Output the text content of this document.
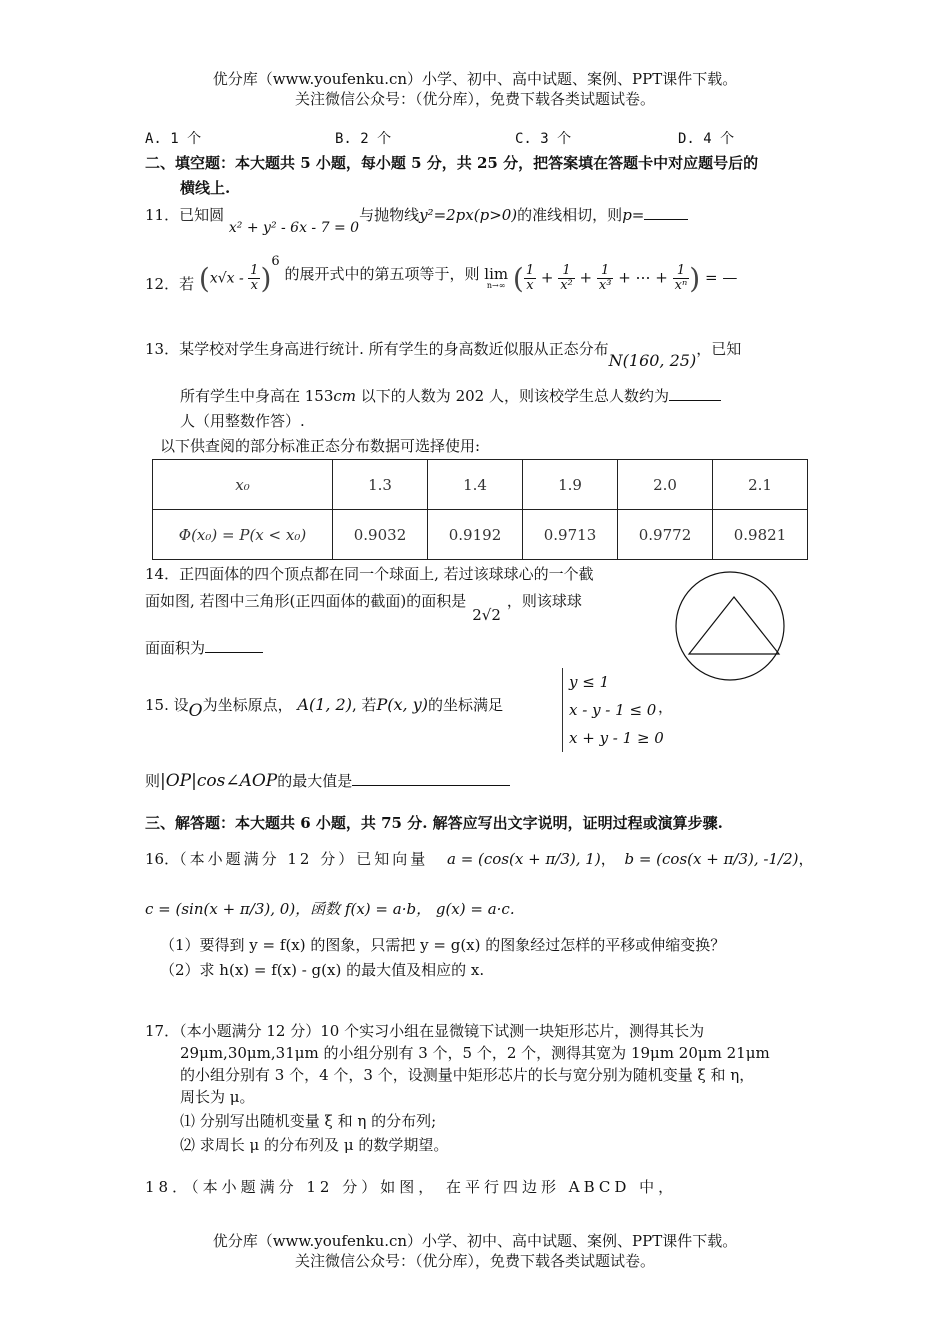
优分库（www.youfenku.cn）小学、初中、高中试题、案例、PPT课件下载。
关注微信公众号：（优分库），免费下载各类试题试卷。
A. 1 个	B. 2 个	C. 3 个	D. 4 个
二、填空题：本大题共 5 小题，每小题 5 分，共 25 分，把答案填在答题卡中对应题号后的
横线上.
11．已知圆 x² + y² - 6x - 7 = 0与抛物线y²=2px(p>0)的准线相切，则p=
12．若 $(x√x - \frac{1}{x} )^6$ 的展开式中的第五项等于，则 lim
n→∞ ( $\frac{1}{x} + \frac{1}{\text{x²}} + \frac{1}{\text{x³}}$ + ⋯ + $\frac{1}{\text{xⁿ}}$ ) = —
13．某学校对学生身高进行统计. 所有学生的身高数近似服从正态分布N(160, 25)，已知
所有学生中身高在 153cm 以下的人数为 202 人，则该校学生总人数约为
人（用整数作答）.
以下供查阅的部分标准正态分布数据可选择使用:
x₀	1.3	1.4	1.9	2.0	2.1
Φ(x₀) = P(x < x₀)	0.9032	0.9192	0.9713	0.9772	0.9821
14．正四面体的四个顶点都在同一个球面上, 若过该球球心的一个截
面如图, 若图中三角形(正四面体的截面)的面积是2√2，则该球球
面面积为
15. 设O为坐标原点， A(1, 2), 若P(x, y)的坐标满足
y ≤ 1
x - y - 1 ≤ 0
x + y - 1 ≥ 0
，
则|OP|cos∠AOP的最大值是
三、解答题：本大题共 6 小题，共 75 分. 解答应写出文字说明，证明过程或演算步骤.
16．（本小题满分 12 分）已知向量 a = (cos(x + π/3), 1)， b = (cos(x + π/3), -1/2)，
c = (sin(x + π/3), 0)，函数 f(x) = a·b， g(x) = a·c.
（1）要得到 y = f(x) 的图象，只需把 y = g(x) 的图象经过怎样的平移或伸缩变换？
（2）求 h(x) = f(x) - g(x) 的最大值及相应的 x.
17．（本小题满分 12 分）10 个实习小组在显微镜下试测一块矩形芯片，测得其长为
29μm,30μm,31μm 的小组分别有 3 个，5 个，2 个，测得其宽为 19μm 20μm 21μm
的小组分别有 3 个，4 个，3 个，设测量中矩形芯片的长与宽分别为随机变量 ξ 和 η，
周长为 μ。
⑴ 分别写出随机变量 ξ 和 η 的分布列;
⑵ 求周长 μ 的分布列及 μ 的数学期望。
18．（本小题满分 12 分）如图， 在平行四边形 ABCD 中，
优分库（www.youfenku.cn）小学、初中、高中试题、案例、PPT课件下载。
关注微信公众号：（优分库），免费下载各类试题试卷。
